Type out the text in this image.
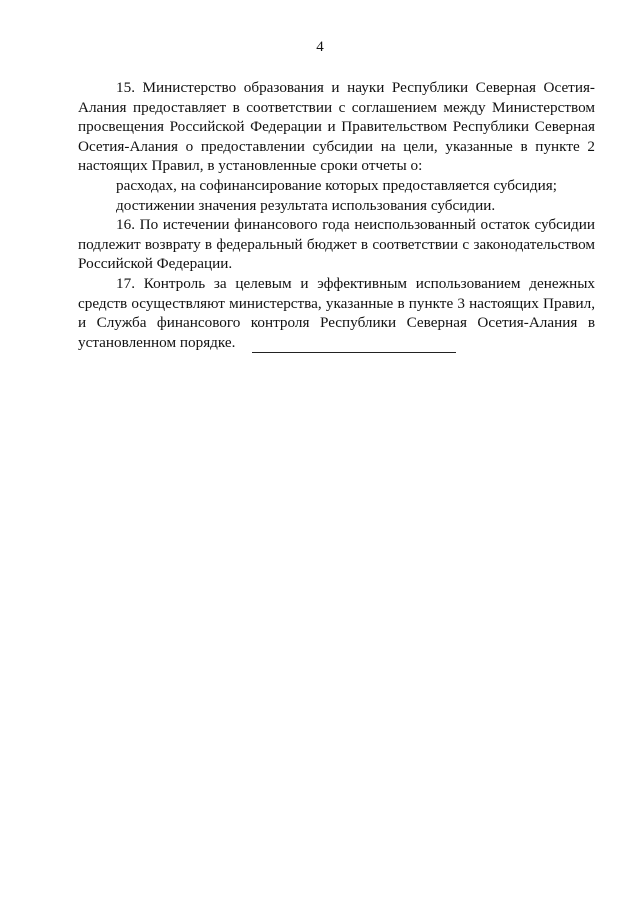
4

15. Министерство образования и науки Республики Северная Осетия-Алания предоставляет в соответствии с соглашением между Министерством просвещения Российской Федерации и Правительством Республики Северная Осетия-Алания о предоставлении субсидии на цели, указанные в пункте 2 настоящих Правил, в установленные сроки отчеты о:

расходах, на софинансирование которых предоставляется субсидия;

достижении значения результата использования субсидии.

16. По истечении финансового года неиспользованный остаток субсидии подлежит возврату в федеральный бюджет в соответствии с законодательством Российской Федерации.

17. Контроль за целевым и эффективным использованием денежных средств осуществляют министерства, указанные в пункте 3 настоящих Правил, и Служба финансового контроля Республики Северная Осетия-Алания в установленном порядке.
